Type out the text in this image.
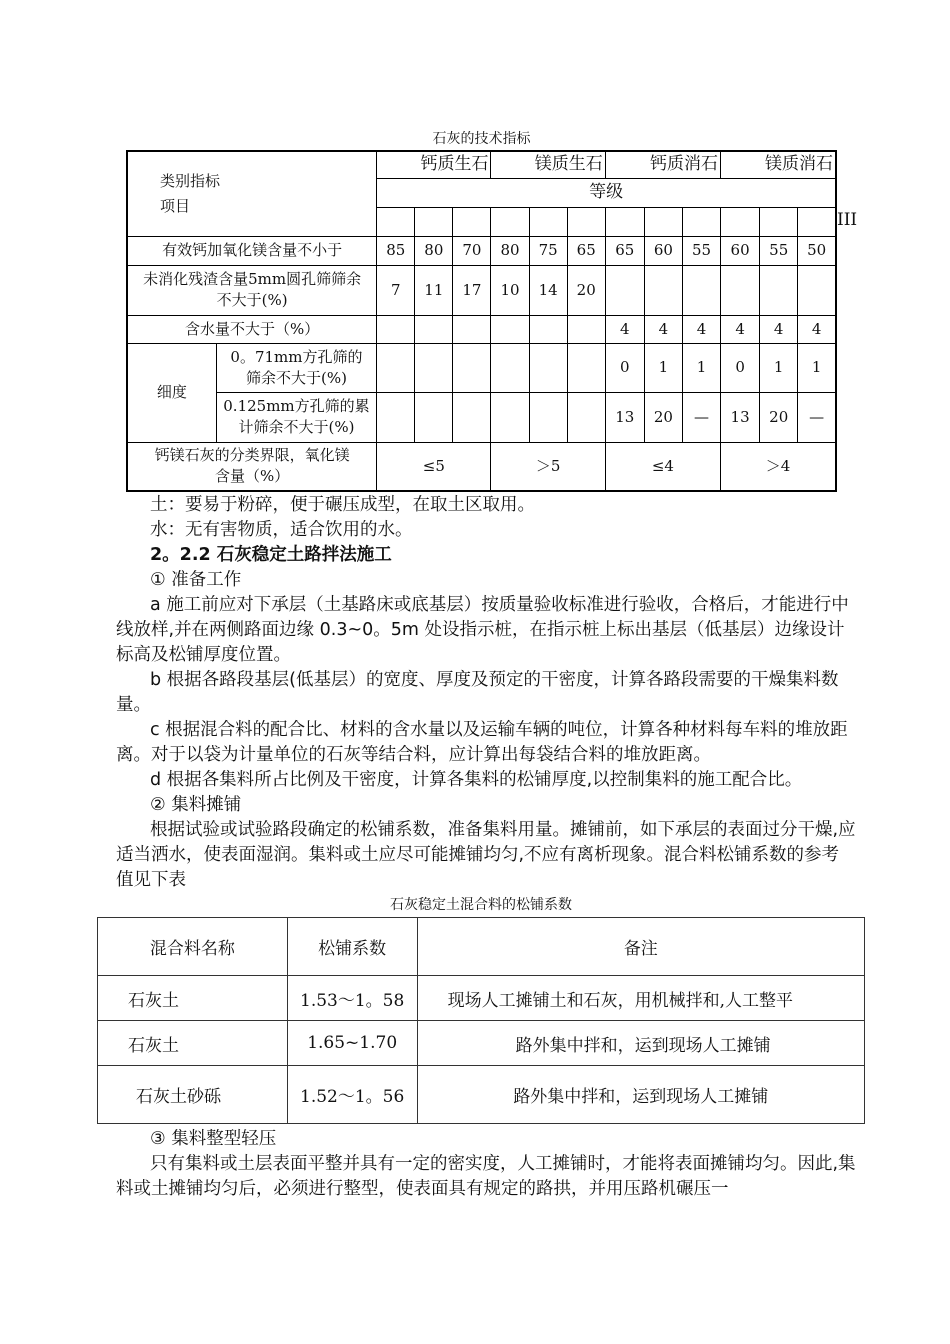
石灰的技术指标
类别指标
项目		钙质生石			镁质生石			钙质消石			镁质消石		
		等级											

有效钙加氧化镁含量不小于		85	80	70	80	75	65	65	60	55	60	55	50
未消化残渣含量5mm圆孔筛筛余不大于(%)		7	11	17	10	14	20						
含水量不大于（%）								4	4	4	4	4	4
细度	0。71mm方孔筛的筛余不大于(%)							0	1	1	0	1	1
	0.125mm方孔筛的累计筛余不大于(%)							13	20	—	13	20	—
钙镁石灰的分类界限，氧化镁含量（%）		≤5			＞5			≤4			＞4		
III
土：要易于粉碎，便于碾压成型，在取土区取用。
水：无有害物质，适合饮用的水。
2。2.2 石灰稳定土路拌法施工
① 准备工作
a 施工前应对下承层（土基路床或底基层）按质量验收标准进行验收，合格后，才能进行中线放样,并在两侧路面边缘 0.3~0。5m 处设指示桩，在指示桩上标出基层（低基层）边缘设计标高及松铺厚度位置。
b 根据各路段基层(低基层）的宽度、厚度及预定的干密度，计算各路段需要的干燥集料数量。
c 根据混合料的配合比、材料的含水量以及运输车辆的吨位，计算各种材料每车料的堆放距离。对于以袋为计量单位的石灰等结合料，应计算出每袋结合料的堆放距离。
d 根据各集料所占比例及干密度，计算各集料的松铺厚度,以控制集料的施工配合比。
② 集料摊铺
根据试验或试验路段确定的松铺系数，准备集料用量。摊铺前，如下承层的表面过分干燥,应适当洒水，使表面湿润。集料或土应尽可能摊铺均匀,不应有离析现象。混合料松铺系数的参考值见下表
石灰稳定土混合料的松铺系数
混合料名称	松铺系数	备注
石灰土	1.53～1。58	现场人工摊铺土和石灰，用机械拌和,人工整平
石灰土	1.65~1.70	路外集中拌和，运到现场人工摊铺
石灰土砂砾	1.52～1。56	路外集中拌和，运到现场人工摊铺
③ 集料整型轻压
只有集料或土层表面平整并具有一定的密实度，人工摊铺时，才能将表面摊铺均匀。因此,集料或土摊铺均匀后，必须进行整型，使表面具有规定的路拱，并用压路机碾压一
